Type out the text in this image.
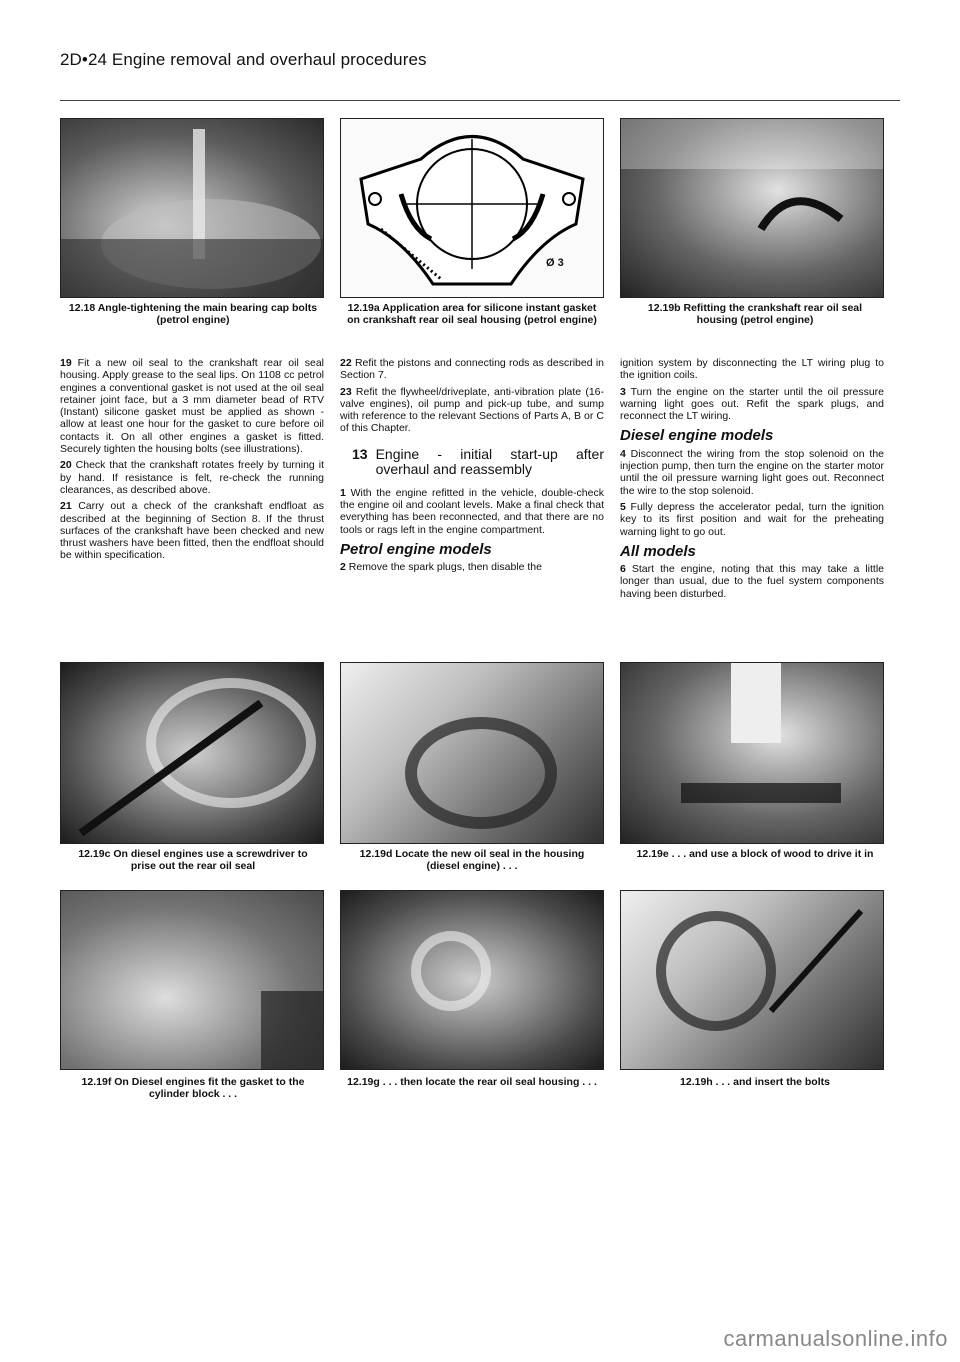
2D•24 Engine removal and overhaul procedures
12.18 Angle-tightening the main bearing cap bolts (petrol engine)
Ø 3
12.19a Application area for silicone instant gasket on crankshaft rear oil seal housing (petrol engine)
12.19b Refitting the crankshaft rear oil seal housing (petrol engine)

19 Fit a new oil seal to the crankshaft rear oil seal housing. Apply grease to the seal lips. On 1108 cc petrol engines a conventional gasket is not used at the oil seal retainer joint face, but a 3 mm diameter bead of RTV (Instant) silicone gasket must be applied as shown - allow at least one hour for the gasket to cure before oil contacts it. On all other engines a gasket is fitted. Securely tighten the housing bolts (see illustrations).

20 Check that the crankshaft rotates freely by turning it by hand. If resistance is felt, re-check the running clearances, as described above.

21 Carry out a check of the crankshaft endfloat as described at the beginning of Section 8. If the thrust surfaces of the crankshaft have been checked and new thrust washers have been fitted, then the endfloat should be within specification.

22 Refit the pistons and connecting rods as described in Section 7.

23 Refit the flywheel/driveplate, anti-vibration plate (16-valve engines), oil pump and pick-up tube, and sump with reference to the relevant Sections of Parts A, B or C of this Chapter.

13 Engine - initial start-up after overhaul and reassembly

1 With the engine refitted in the vehicle, double-check the engine oil and coolant levels. Make a final check that everything has been reconnected, and that there are no tools or rags left in the engine compartment.

Petrol engine models

2 Remove the spark plugs, then disable the

ignition system by disconnecting the LT wiring plug to the ignition coils.

3 Turn the engine on the starter until the oil pressure warning light goes out. Refit the spark plugs, and reconnect the LT wiring.

Diesel engine models

4 Disconnect the wiring from the stop solenoid on the injection pump, then turn the engine on the starter motor until the oil pressure warning light goes out. Reconnect the wire to the stop solenoid.

5 Fully depress the accelerator pedal, turn the ignition key to its first position and wait for the preheating warning light to go out.

All models

6 Start the engine, noting that this may take a little longer than usual, due to the fuel system components having been disturbed.

12.19c On diesel engines use a screwdriver to prise out the rear oil seal
12.19d Locate the new oil seal in the housing (diesel engine) . . .
12.19e . . . and use a block of wood to drive it in
12.19f On Diesel engines fit the gasket to the cylinder block . . .
12.19g . . . then locate the rear oil seal housing . . .	12.19h . . . and insert the bolts
carmanualsonline.info
